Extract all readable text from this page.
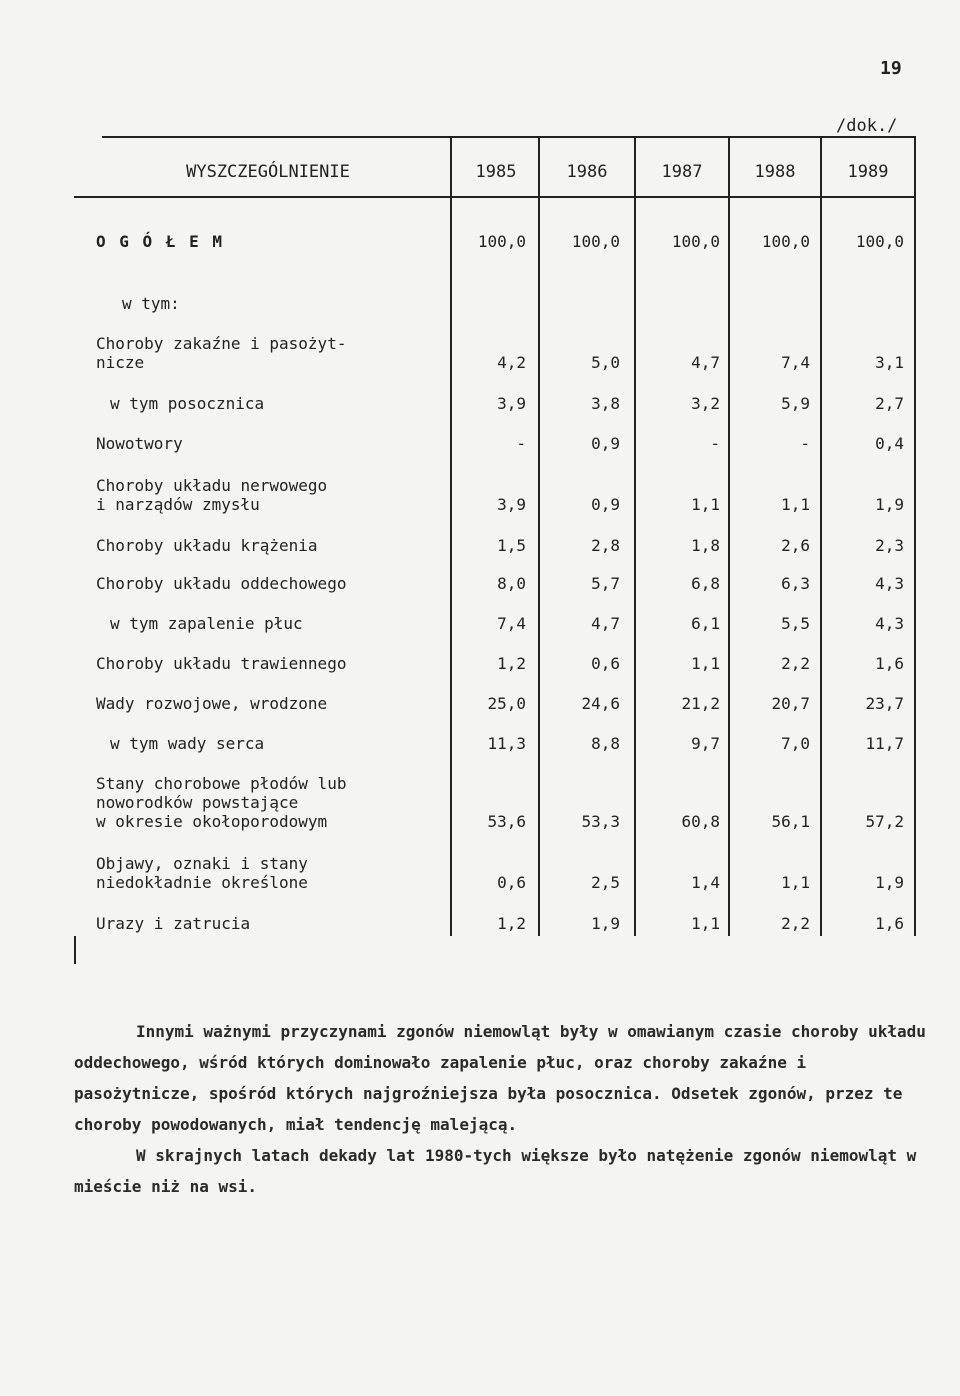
19
/dok./
WYSZCZEGÓLNIENIE	1985	1986	1987	1988	1989
O G Ó Ł E M	100,0	100,0	100,0	100,0	100,0
w tym:
Choroby zakaźne i pasożyt-
nicze	4,2	5,0	4,7	7,4	3,1
w tym posocznica	3,9	3,8	3,2	5,9	2,7
Nowotwory	-	0,9	-	-	0,4
Choroby układu nerwowego
i narządów zmysłu	3,9	0,9	1,1	1,1	1,9
Choroby układu krążenia	1,5	2,8	1,8	2,6	2,3
Choroby układu oddechowego	8,0	5,7	6,8	6,3	4,3
w tym zapalenie płuc	7,4	4,7	6,1	5,5	4,3
Choroby układu trawiennego	1,2	0,6	1,1	2,2	1,6
Wady rozwojowe, wrodzone	25,0	24,6	21,2	20,7	23,7
w tym wady serca	11,3	8,8	9,7	7,0	11,7
Stany chorobowe płodów lub
noworodków powstające
w okresie okołoporodowym	53,6	53,3	60,8	56,1	57,2
Objawy, oznaki i stany
niedokładnie określone	0,6	2,5	1,4	1,1	1,9
Urazy i zatrucia	1,2	1,9	1,1	2,2	1,6

Innymi ważnymi przyczynami zgonów niemowląt były w omawianym czasie choroby układu oddechowego, wśród których dominowało zapalenie płuc, oraz choroby zakaźne i pasożytnicze, spośród których najgroźniejsza była posocznica. Odsetek zgonów, przez te choroby powodowanych, miał tendencję malejącą.

W skrajnych latach dekady lat 1980-tych większe było natężenie zgonów niemowląt w mieście niż na wsi.
